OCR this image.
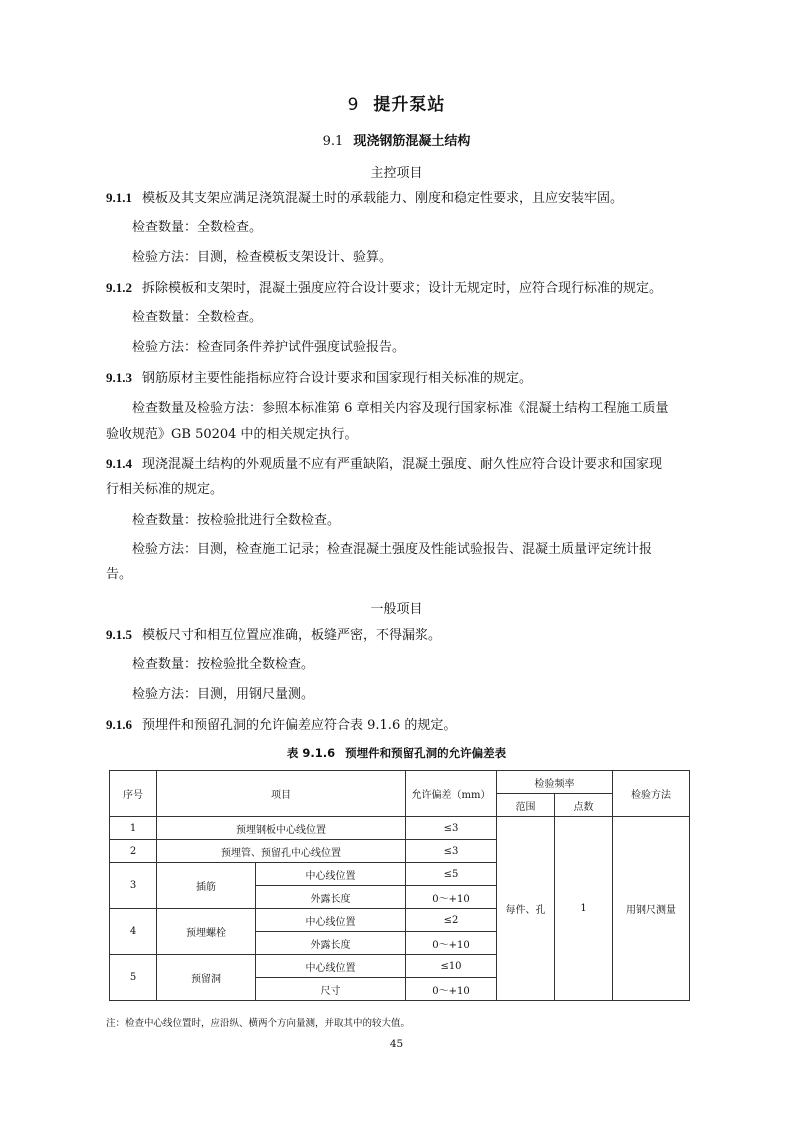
9 提升泵站
9.1 现浇钢筋混凝土结构
主控项目
9.1.1 模板及其支架应满足浇筑混凝土时的承载能力、刚度和稳定性要求，且应安装牢固。
检查数量：全数检查。
检验方法：目测，检查模板支架设计、验算。
9.1.2 拆除模板和支架时，混凝土强度应符合设计要求；设计无规定时，应符合现行标准的规定。
检查数量：全数检查。
检验方法：检查同条件养护试件强度试验报告。
9.1.3 钢筋原材主要性能指标应符合设计要求和国家现行相关标准的规定。
检查数量及检验方法：参照本标准第 6 章相关内容及现行国家标准《混凝土结构工程施工质量
验收规范》GB 50204 中的相关规定执行。
9.1.4 现浇混凝土结构的外观质量不应有严重缺陷，混凝土强度、耐久性应符合设计要求和国家现
行相关标准的规定。
检查数量：按检验批进行全数检查。
检验方法：目测，检查施工记录；检查混凝土强度及性能试验报告、混凝土质量评定统计报
告。
一般项目
9.1.5 模板尺寸和相互位置应准确，板缝严密，不得漏浆。
检查数量：按检验批全数检查。
检验方法：目测，用钢尺量测。
9.1.6 预埋件和预留孔洞的允许偏差应符合表 9.1.6 的规定。
表 9.1.6 预埋件和预留孔洞的允许偏差表
序号	项目		允许偏差（mm）	检验频率		检验方法
				范围	点数	
1	预埋钢板中心线位置		≤3	每件、孔	1	用钢尺测量
2	预埋管、预留孔中心线位置		≤3			
3	插筋	中心线位置	≤5			
		外露长度	0～+10			
4	预埋螺栓	中心线位置	≤2			
		外露长度	0～+10			
5	预留洞	中心线位置	≤10			
		尺寸	0～+10			
注：检查中心线位置时，应沿纵、横两个方向量测，并取其中的较大值。
45
